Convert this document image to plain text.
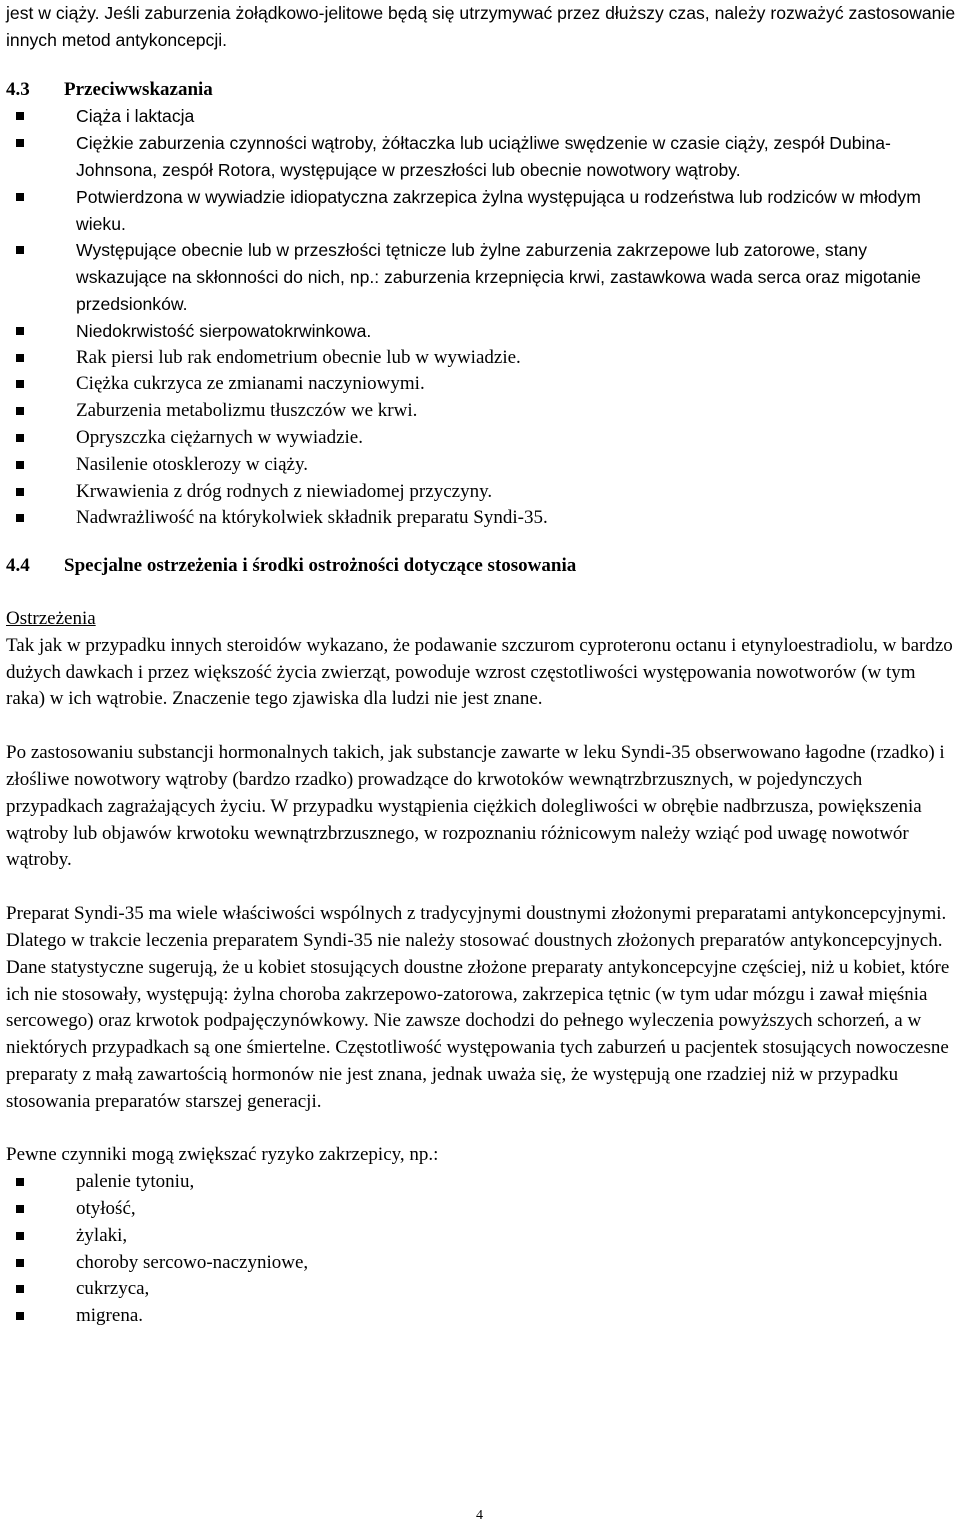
jest w ciąży. Jeśli zaburzenia żołądkowo-jelitowe będą się utrzymywać przez dłuższy czas, należy rozważyć zastosowanie innych metod antykoncepcji.

4.3	Przeciwwskazania
Ciąża i laktacja
Ciężkie zaburzenia czynności wątroby, żółtaczka lub uciążliwe swędzenie w czasie ciąży, zespół Dubina-Johnsona, zespół Rotora, występujące w przeszłości lub obecnie nowotwory wątroby.
Potwierdzona w wywiadzie idiopatyczna zakrzepica żylna występująca u rodzeństwa lub rodziców w młodym wieku.
Występujące obecnie lub w przeszłości tętnicze lub żylne zaburzenia zakrzepowe lub zatorowe, stany wskazujące na skłonności do nich, np.: zaburzenia krzepnięcia krwi, zastawkowa wada serca oraz migotanie przedsionków.
Niedokrwistość sierpowatokrwinkowa.
Rak piersi lub rak endometrium obecnie lub w wywiadzie.
Ciężka cukrzyca ze zmianami naczyniowymi.
Zaburzenia metabolizmu tłuszczów we krwi.
Opryszczka ciężarnych w wywiadzie.
Nasilenie otosklerozy w ciąży.
Krwawienia z dróg rodnych z niewiadomej przyczyny.
Nadwrażliwość na którykolwiek składnik preparatu Syndi-35.
4.4	Specjalne ostrzeżenia i środki ostrożności dotyczące stosowania

Ostrzeżenia

Tak jak w przypadku innych steroidów wykazano, że podawanie szczurom cyproteronu octanu i etynyloestradiolu, w bardzo dużych dawkach i przez większość życia zwierząt, powoduje wzrost częstotliwości występowania nowotworów (w tym raka) w ich wątrobie. Znaczenie tego zjawiska dla ludzi nie jest znane.

Po zastosowaniu substancji hormonalnych takich, jak substancje zawarte w leku Syndi-35 obserwowano łagodne (rzadko) i złośliwe nowotwory wątroby (bardzo rzadko) prowadzące do krwotoków wewnątrzbrzusznych, w pojedynczych przypadkach zagrażających życiu. W przypadku wystąpienia ciężkich dolegliwości w obrębie nadbrzusza, powiększenia wątroby lub objawów krwotoku wewnątrzbrzusznego, w rozpoznaniu różnicowym należy wziąć pod uwagę nowotwór wątroby.

Preparat Syndi-35 ma wiele właściwości wspólnych z tradycyjnymi doustnymi złożonymi preparatami antykoncepcyjnymi. Dlatego w trakcie leczenia preparatem Syndi-35 nie należy stosować doustnych złożonych preparatów antykoncepcyjnych. Dane statystyczne sugerują, że u kobiet stosujących doustne złożone preparaty antykoncepcyjne częściej, niż u kobiet, które ich nie stosowały, występują: żylna choroba zakrzepowo-zatorowa, zakrzepica tętnic (w tym udar mózgu i zawał mięśnia sercowego) oraz krwotok podpajęczynówkowy. Nie zawsze dochodzi do pełnego wyleczenia powyższych schorzeń, a w niektórych przypadkach są one śmiertelne. Częstotliwość występowania tych zaburzeń u pacjentek stosujących nowoczesne preparaty z małą zawartością hormonów nie jest znana, jednak uważa się, że występują one rzadziej niż w przypadku stosowania preparatów starszej generacji.

Pewne czynniki mogą zwiększać ryzyko zakrzepicy, np.:

palenie tytoniu,
otyłość,
żylaki,
choroby sercowo-naczyniowe,
cukrzyca,
migrena.
4
